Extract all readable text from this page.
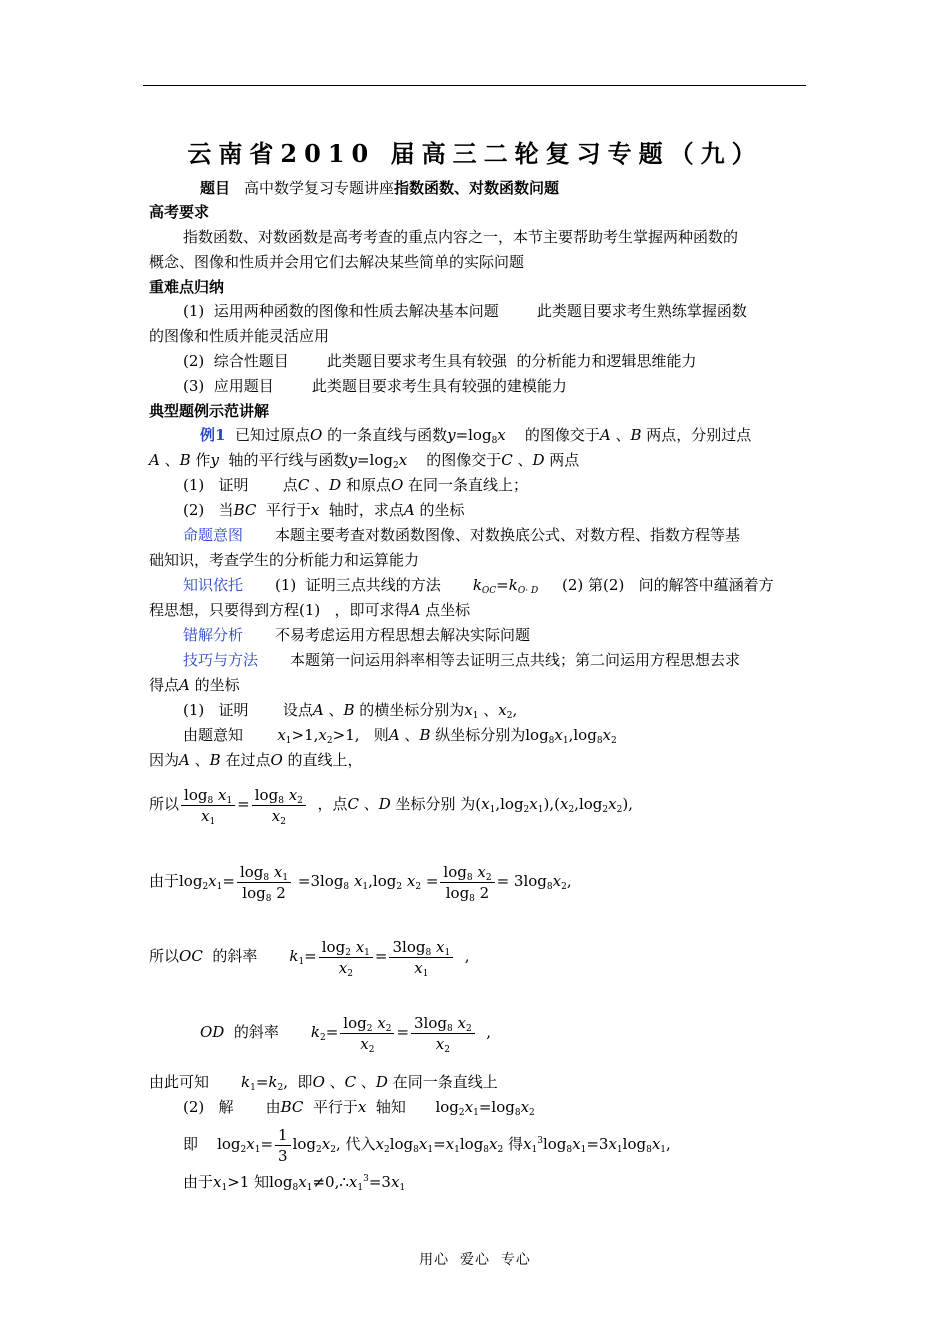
云南省2010 届高三二轮复习专题（九）
题目 高中数学复习专题讲座指数函数、对数函数问题
高考要求
指数函数、对数函数是高考考查的重点内容之一，本节主要帮助考生掌握两种函数的
概念、图像和性质并会用它们去解决某些简单的实际问题
重难点归纳
(1)  运用两种函数的图像和性质去解决基本问题        此类题目要求考生熟练掌握函数
的图像和性质并能灵活应用
(2)  综合性题目        此类题目要求考生具有较强  的分析能力和逻辑思维能力
(3)  应用题目        此类题目要求考生具有较强的建模能力
典型题例示范讲解
例1  已知过原点O 的一条直线与函数$y=\log_8x$    的图像交于A 、B 两点，分别过点
A 、B 作y  轴的平行线与函数$y=\log_2x$    的图像交于C 、D 两点
(1)   证明   点C 、D 和原点O 在同一条直线上；
(2)   当BC  平行于x  轴时，求点A 的坐标
命题意图 本题主要考查对数函数图像、对数换底公式、对数方程、指数方程等基
础知识，考查学生的分析能力和运算能力
知识依托 (1)  证明三点共线的方法 $k_{OC}=k_{O\cdot D}$     (2) 第(2)   问的解答中蕴涵着方
程思想，只要得到方程(1)   ，即可求得A 点坐标
错解分析 不易考虑运用方程思想去解决实际问题
技巧与方法 本题第一问运用斜率相等去证明三点共线；第二问运用方程思想去求
得点A 的坐标
(1)   证明   设点A 、B 的横坐标分别为$x_1$ 、$x_2$,
由题意知 $x_1>1,x_2>1$,   则A 、B 纵坐标分别为$\log_8x_1,\log_8x_2$
因为A 、B 在过点O 的直线上，
所以 $\frac{\log_8 x_1}{x_1} = \frac{\log_8 x_2}{x_2}$ ，点C 、D 坐标分别 为$(x_1,\log_2x_1),(x_2,\log_2x_2)$,
由于$\log_2x_1= \frac{\log_8 x_1}{\log_8 2} =3\log_8$ $x_1,\log_2$ $x_2 = \frac{\log_8 x_2}{\log_8 2} = 3\log_8x_2$,
所以OC  的斜率 $k_1= \frac{\log_2 x_1}{x_2} = \frac{3\log_8 x_1}{x_1}$ ,
OD  的斜率 $k_2= \frac{\log_2 x_2}{x_2} = \frac{3\log_8 x_2}{x_2}$ ,
由此可知 $k_1=k_2$,  即O 、C 、D 在同一条直线上
(2)   解 由BC  平行于x  轴知  $\log_2x_1=\log_8x_2$
即    $\log_2x_1= \frac{1}{3} \log_2x_2$, 代入$x_2\log_8x_1=x_1\log_8x_2$ 得$x_1^3\log_8x_1=3x_1\log_8x_1$,
由于$x_1>1$ 知$\log_8x_1\ne 0,\therefore x_1^3=3x_1$
用心  爱心  专心
